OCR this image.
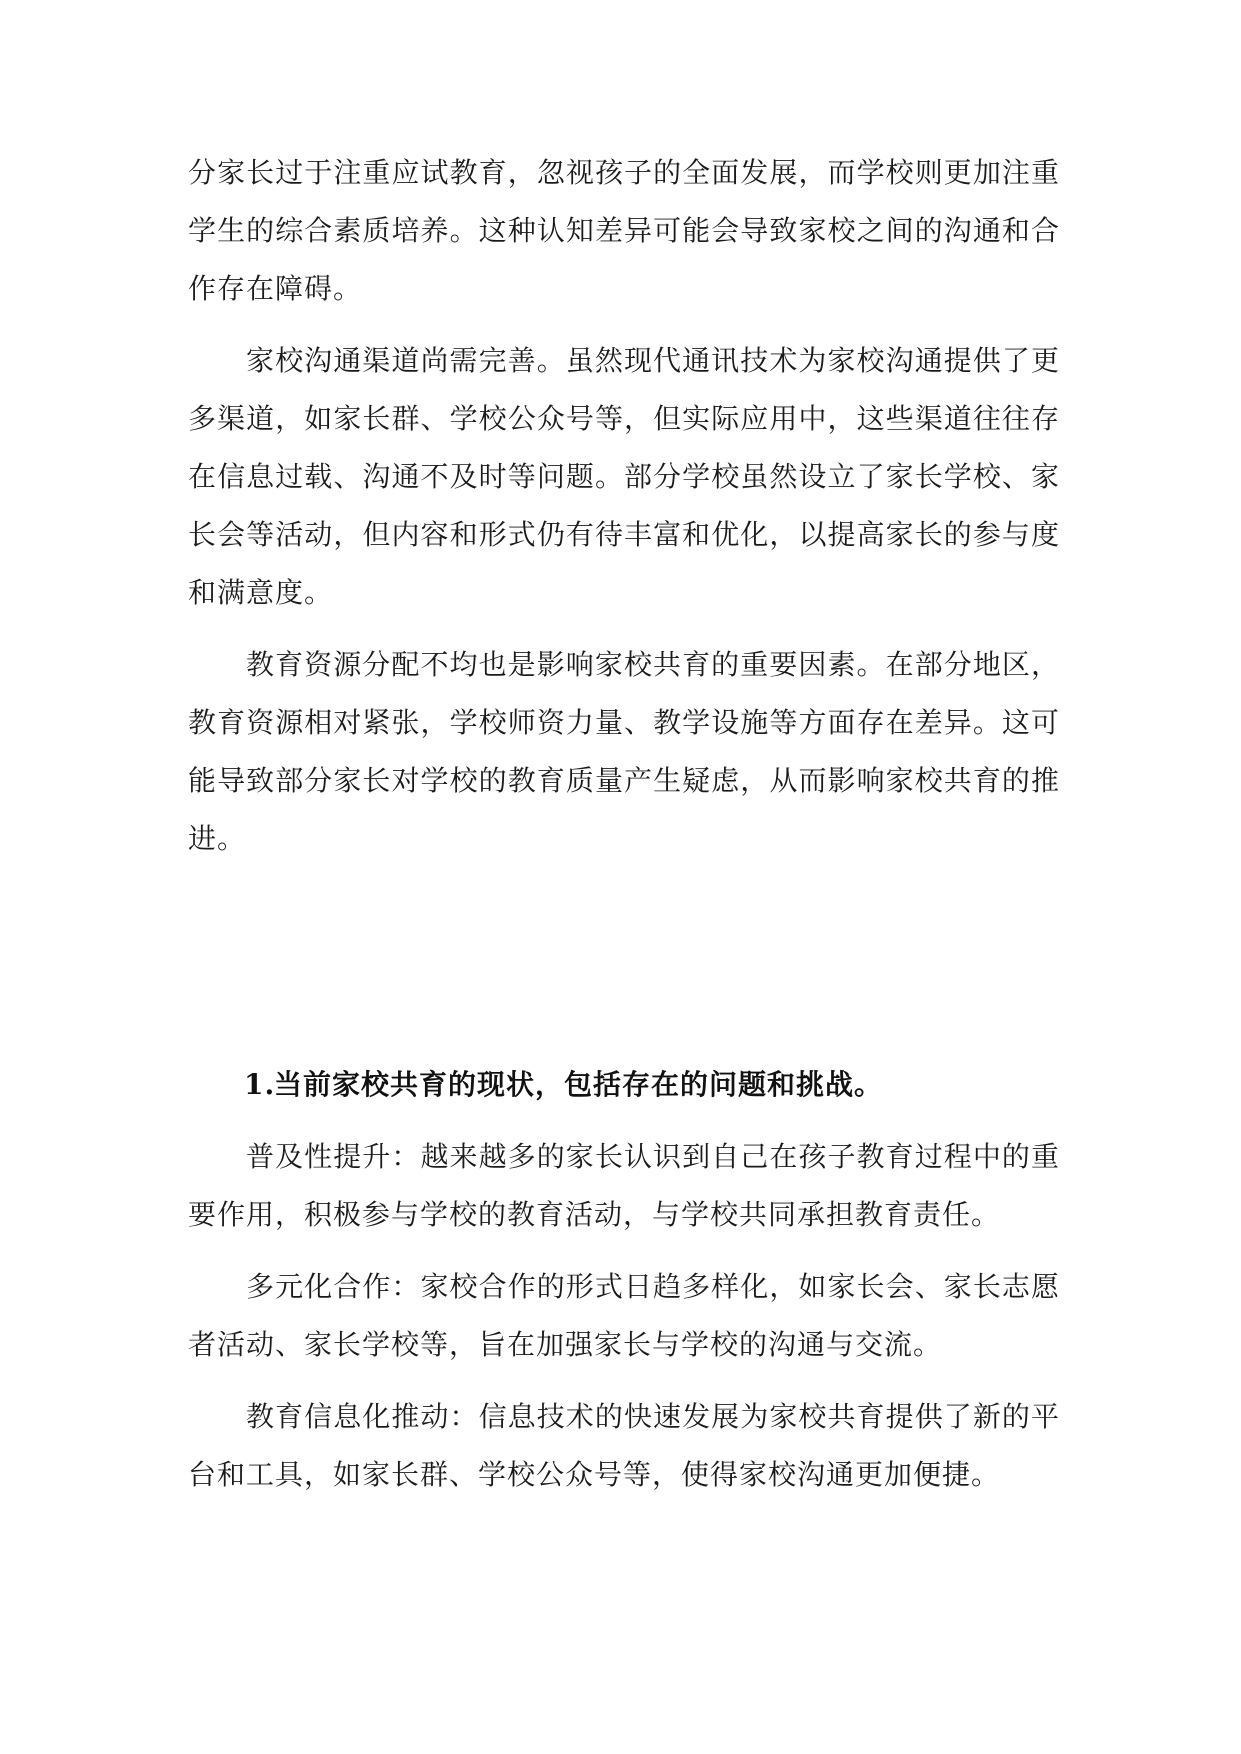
分家长过于注重应试教育，忽视孩子的全面发展，而学校则更加注重学生的综合素质培养。这种认知差异可能会导致家校之间的沟通和合作存在障碍。

家校沟通渠道尚需完善。虽然现代通讯技术为家校沟通提供了更多渠道，如家长群、学校公众号等，但实际应用中，这些渠道往往存在信息过载、沟通不及时等问题。部分学校虽然设立了家长学校、家长会等活动，但内容和形式仍有待丰富和优化，以提高家长的参与度和满意度。

教育资源分配不均也是影响家校共育的重要因素。在部分地区，教育资源相对紧张，学校师资力量、教学设施等方面存在差异。这可能导致部分家长对学校的教育质量产生疑虑，从而影响家校共育的推进。

1.当前家校共育的现状，包括存在的问题和挑战。

普及性提升：越来越多的家长认识到自己在孩子教育过程中的重要作用，积极参与学校的教育活动，与学校共同承担教育责任。

多元化合作：家校合作的形式日趋多样化，如家长会、家长志愿者活动、家长学校等，旨在加强家长与学校的沟通与交流。

教育信息化推动：信息技术的快速发展为家校共育提供了新的平台和工具，如家长群、学校公众号等，使得家校沟通更加便捷。
